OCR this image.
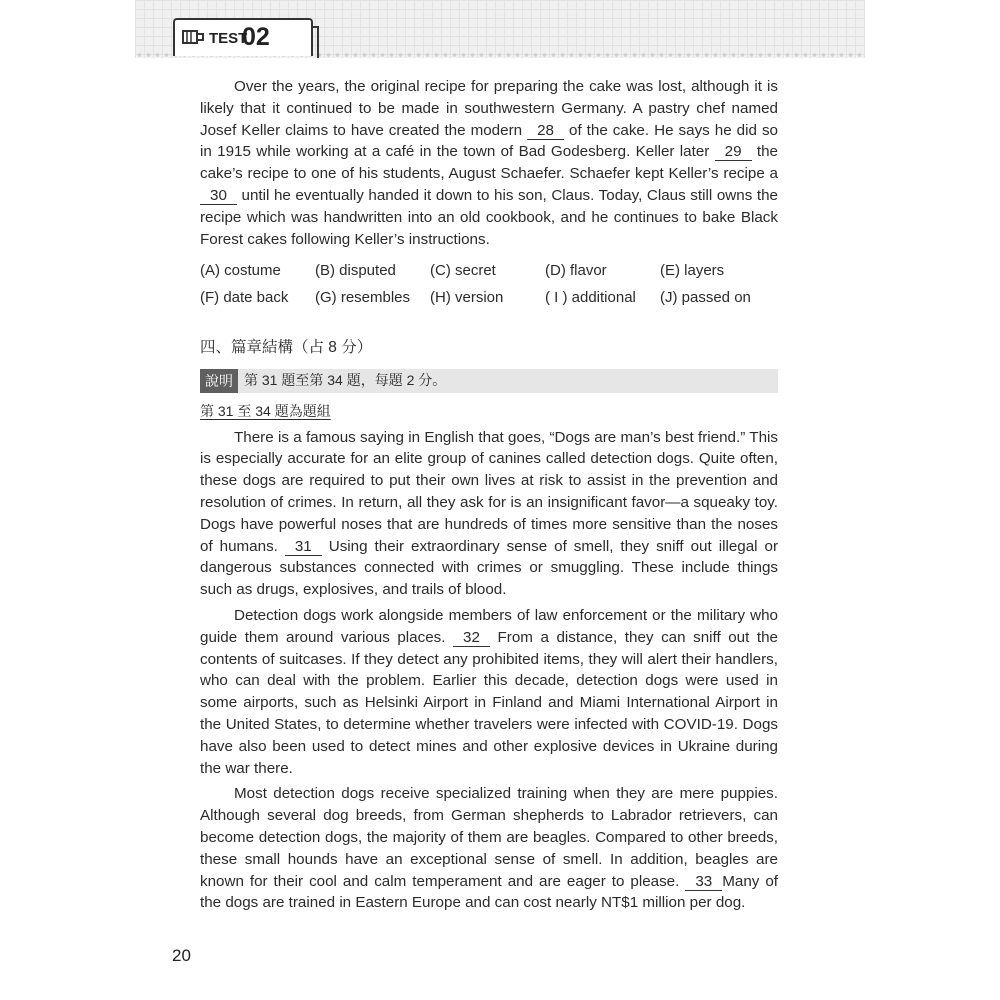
TEST
02

Over the years, the original recipe for preparing the cake was lost, although it is likely that it continued to be made in southwestern Germany. A pastry chef named Josef Keller claims to have created the modern 28 of the cake. He says he did so in 1915 while working at a café in the town of Bad Godesberg. Keller later 29 the cake’s recipe to one of his students, August Schaefer. Schaefer kept Keller’s recipe a 30 until he eventually handed it down to his son, Claus. Today, Claus still owns the recipe which was handwritten into an old cookbook, and he continues to bake Black Forest cakes following Keller’s instructions.

(A) costume	(B) disputed	(C) secret	(D) flavor	(E) layers
(F) date back	(G) resembles	(H) version	( I ) additional	(J) passed on
四、篇章結構（占 8 分）
說明 第 31 題至第 34 題，每題 2 分。
第 31 至 34 題為題組

There is a famous saying in English that goes, “Dogs are man’s best friend.” This is especially accurate for an elite group of canines called detection dogs. Quite often, these dogs are required to put their own lives at risk to assist in the prevention and resolution of crimes. In return, all they ask for is an insignificant favor—a squeaky toy. Dogs have powerful noses that are hundreds of times more sensitive than the noses of humans. 31 Using their extraordinary sense of smell, they sniff out illegal or dangerous substances connected with crimes or smuggling. These include things such as drugs, explosives, and trails of blood.

Detection dogs work alongside members of law enforcement or the military who guide them around various places. 32 From a distance, they can sniff out the contents of suitcases. If they detect any prohibited items, they will alert their handlers, who can deal with the problem. Earlier this decade, detection dogs were used in some airports, such as Helsinki Airport in Finland and Miami International Airport in the United States, to determine whether travelers were infected with COVID-19. Dogs have also been used to detect mines and other explosive devices in Ukraine during the war there.

Most detection dogs receive specialized training when they are mere puppies. Although several dog breeds, from German shepherds to Labrador retrievers, can become detection dogs, the majority of them are beagles. Compared to other breeds, these small hounds have an exceptional sense of smell. In addition, beagles are known for their cool and calm temperament and are eager to please. 33 Many of the dogs are trained in Eastern Europe and can cost nearly NT$1 million per dog.

20
